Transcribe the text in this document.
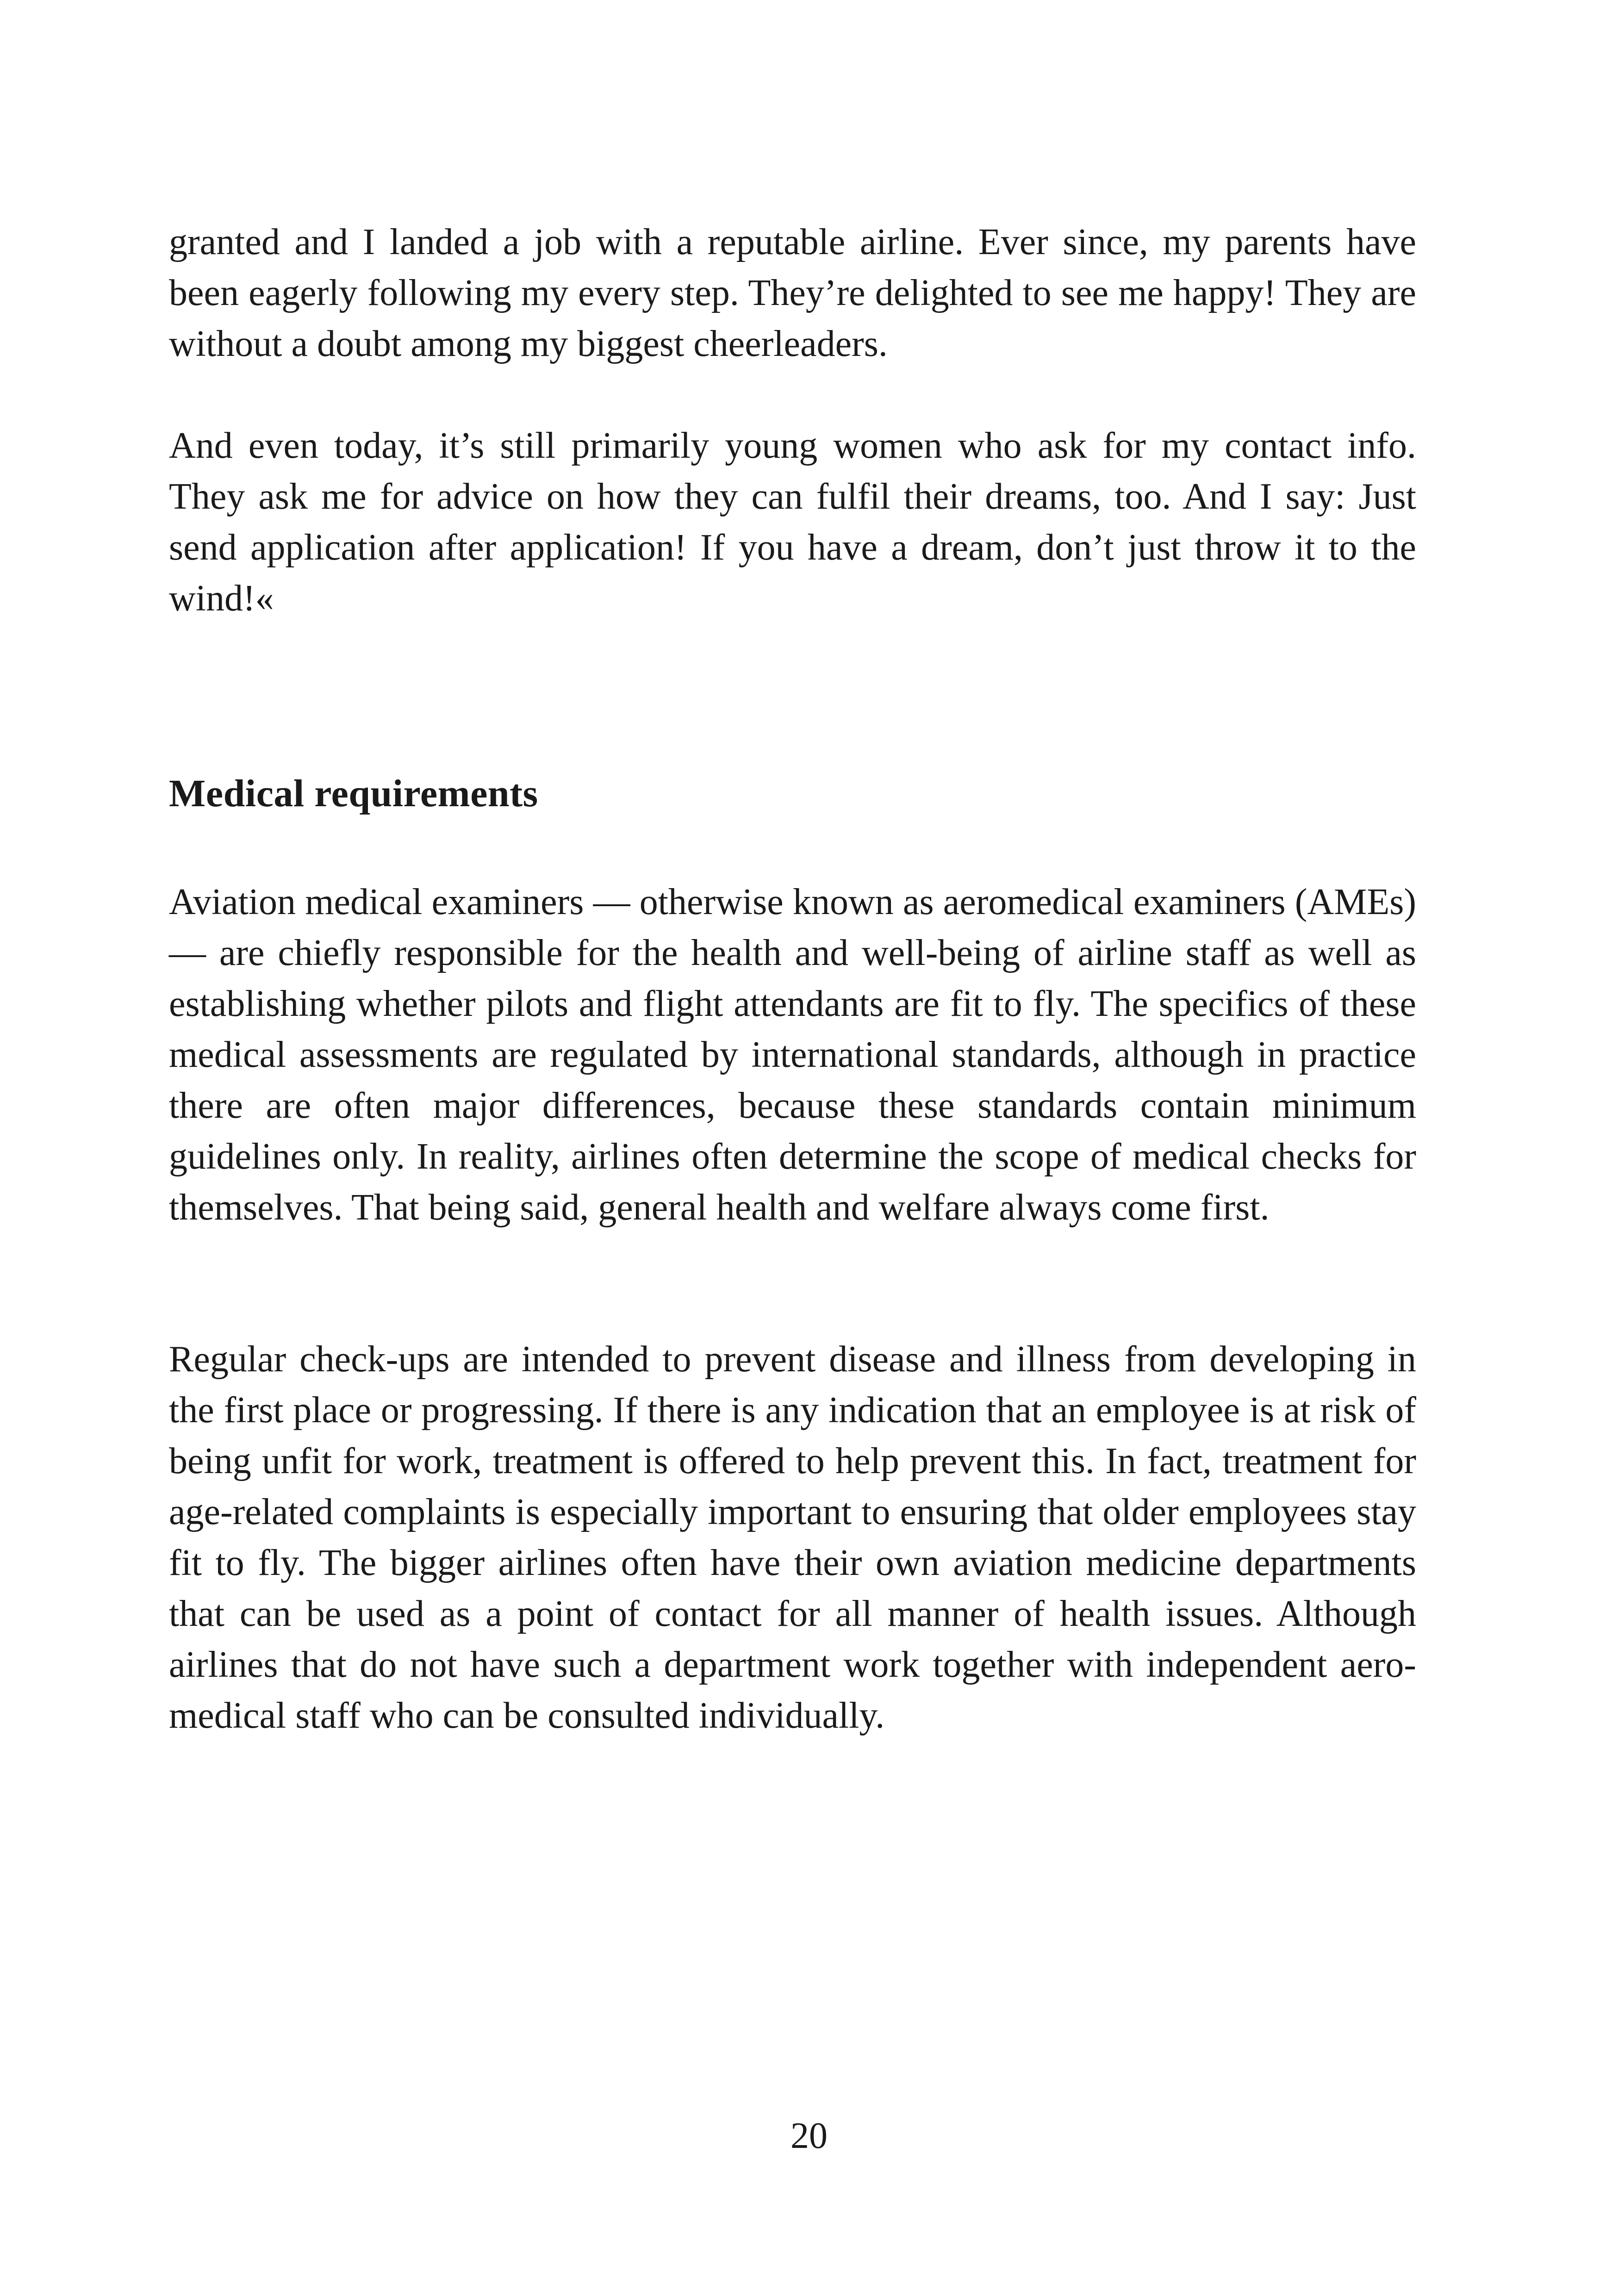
granted and I landed a job with a reputable airline. Ever since, my parents have been eagerly following my every step. They’re delighted to see me happy! They are without a doubt among my biggest cheerleaders.

And even today, it’s still primarily young women who ask for my contact info. They ask me for advice on how they can fulfil their dreams, too. And I say: Just send application after application! If you have a dream, don’t just throw it to the wind!«

Medical requirements

Aviation medical examiners — otherwise known as aeromedical examiners (AMEs) — are chiefly responsible for the health and well-being of airline staff as well as establishing whether pilots and flight attendants are fit to fly. The specifics of these medical assessments are regulated by international standards, although in practice there are often major differences, because these standards contain minimum guidelines only. In reality, airlines often determine the scope of medical checks for themselves. That being said, general health and welfare always come first.

Regular check-ups are intended to prevent disease and illness from developing in the first place or progressing. If there is any indication that an employee is at risk of being unfit for work, treatment is offered to help prevent this. In fact, treatment for age-related complaints is especially important to ensuring that older employees stay fit to fly. The bigger airlines often have their own aviation medicine departments that can be used as a point of contact for all manner of health issues. Although airlines that do not have such a department work together with independent aeromedical staff who can be consulted individually.

20
